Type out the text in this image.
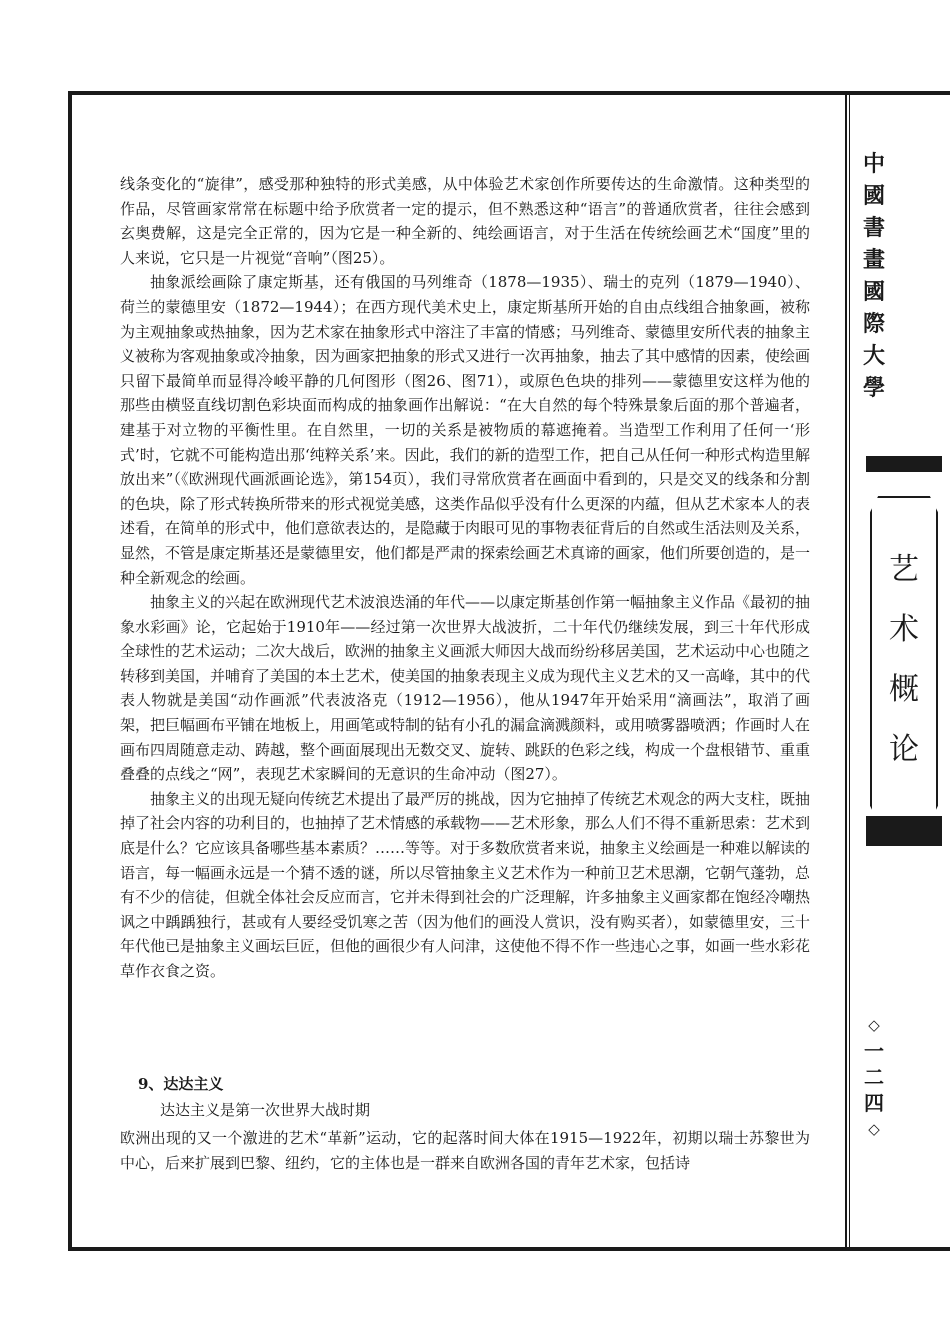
线条变化的“旋律”，感受那种独特的形式美感，从中体验艺术家创作所要传达的生命激情。这种类型的作品，尽管画家常常在标题中给予欣赏者一定的提示，但不熟悉这种“语言”的普通欣赏者，往往会感到玄奥费解，这是完全正常的，因为它是一种全新的、纯绘画语言，对于生活在传统绘画艺术“国度”里的人来说，它只是一片视觉“音响”（图25）。

抽象派绘画除了康定斯基，还有俄国的马列维奇（1878—1935）、瑞士的克列（1879—1940）、荷兰的蒙德里安（1872—1944）；在西方现代美术史上，康定斯基所开始的自由点线组合抽象画，被称为主观抽象或热抽象，因为艺术家在抽象形式中溶注了丰富的情感；马列维奇、蒙德里安所代表的抽象主义被称为客观抽象或冷抽象，因为画家把抽象的形式又进行一次再抽象，抽去了其中感情的因素，使绘画只留下最简单而显得冷峻平静的几何图形（图26、图71），或原色色块的排列——蒙德里安这样为他的那些由横竖直线切割色彩块面而构成的抽象画作出解说：“在大自然的每个特殊景象后面的那个普遍者，建基于对立物的平衡性里。在自然里，一切的关系是被物质的幕遮掩着。当造型工作利用了任何一‘形式’时，它就不可能构造出那‘纯粹关系’来。因此，我们的新的造型工作，把自己从任何一种形式构造里解放出来”（《欧洲现代画派画论选》，第154页），我们寻常欣赏者在画面中看到的，只是交叉的线条和分割的色块，除了形式转换所带来的形式视觉美感，这类作品似乎没有什么更深的内蕴，但从艺术家本人的表述看，在简单的形式中，他们意欲表达的，是隐藏于肉眼可见的事物表征背后的自然或生活法则及关系，显然，不管是康定斯基还是蒙德里安，他们都是严肃的探索绘画艺术真谛的画家，他们所要创造的，是一种全新观念的绘画。

抽象主义的兴起在欧洲现代艺术波浪迭涌的年代——以康定斯基创作第一幅抽象主义作品《最初的抽象水彩画》论，它起始于1910年——经过第一次世界大战波折，二十年代仍继续发展，到三十年代形成全球性的艺术运动；二次大战后，欧洲的抽象主义画派大师因大战而纷纷移居美国，艺术运动中心也随之转移到美国，并哺育了美国的本土艺术，使美国的抽象表现主义成为现代主义艺术的又一高峰，其中的代表人物就是美国“动作画派”代表波洛克（1912—1956），他从1947年开始采用“滴画法”，取消了画架，把巨幅画布平铺在地板上，用画笔或特制的钻有小孔的漏盒滴溅颜料，或用喷雾器喷洒；作画时人在画布四周随意走动、踌越，整个画面展现出无数交叉、旋转、跳跃的色彩之线，构成一个盘根错节、重重叠叠的点线之“网”，表现艺术家瞬间的无意识的生命冲动（图27）。

抽象主义的出现无疑向传统艺术提出了最严厉的挑战，因为它抽掉了传统艺术观念的两大支柱，既抽掉了社会内容的功利目的，也抽掉了艺术情感的承载物——艺术形象，那么人们不得不重新思索：艺术到底是什么？它应该具备哪些基本素质？……等等。对于多数欣赏者来说，抽象主义绘画是一种难以解读的语言，每一幅画永远是一个猜不透的谜，所以尽管抽象主义艺术作为一种前卫艺术思潮，它朝气蓬勃，总有不少的信徒，但就全体社会反应而言，它并未得到社会的广泛理解，许多抽象主义画家都在饱经冷嘲热讽之中踽踽独行，甚或有人要经受饥寒之苦（因为他们的画没人赏识，没有购买者），如蒙德里安，三十年代他已是抽象主义画坛巨匠，但他的画很少有人问津，这使他不得不作一些违心之事，如画一些水彩花草作衣食之资。

9、达达主义
达达主义是第一次世界大战时期
欧洲出现的又一个激进的艺术“革新”运动，它的起落时间大体在1915—1922年，初期以瑞士苏黎世为中心，后来扩展到巴黎、纽约，它的主体也是一群来自欧洲各国的青年艺术家，包括诗
中
國
書
畫
國
際
大
學
艺
术
概
论
◇
一
二
四
◇
